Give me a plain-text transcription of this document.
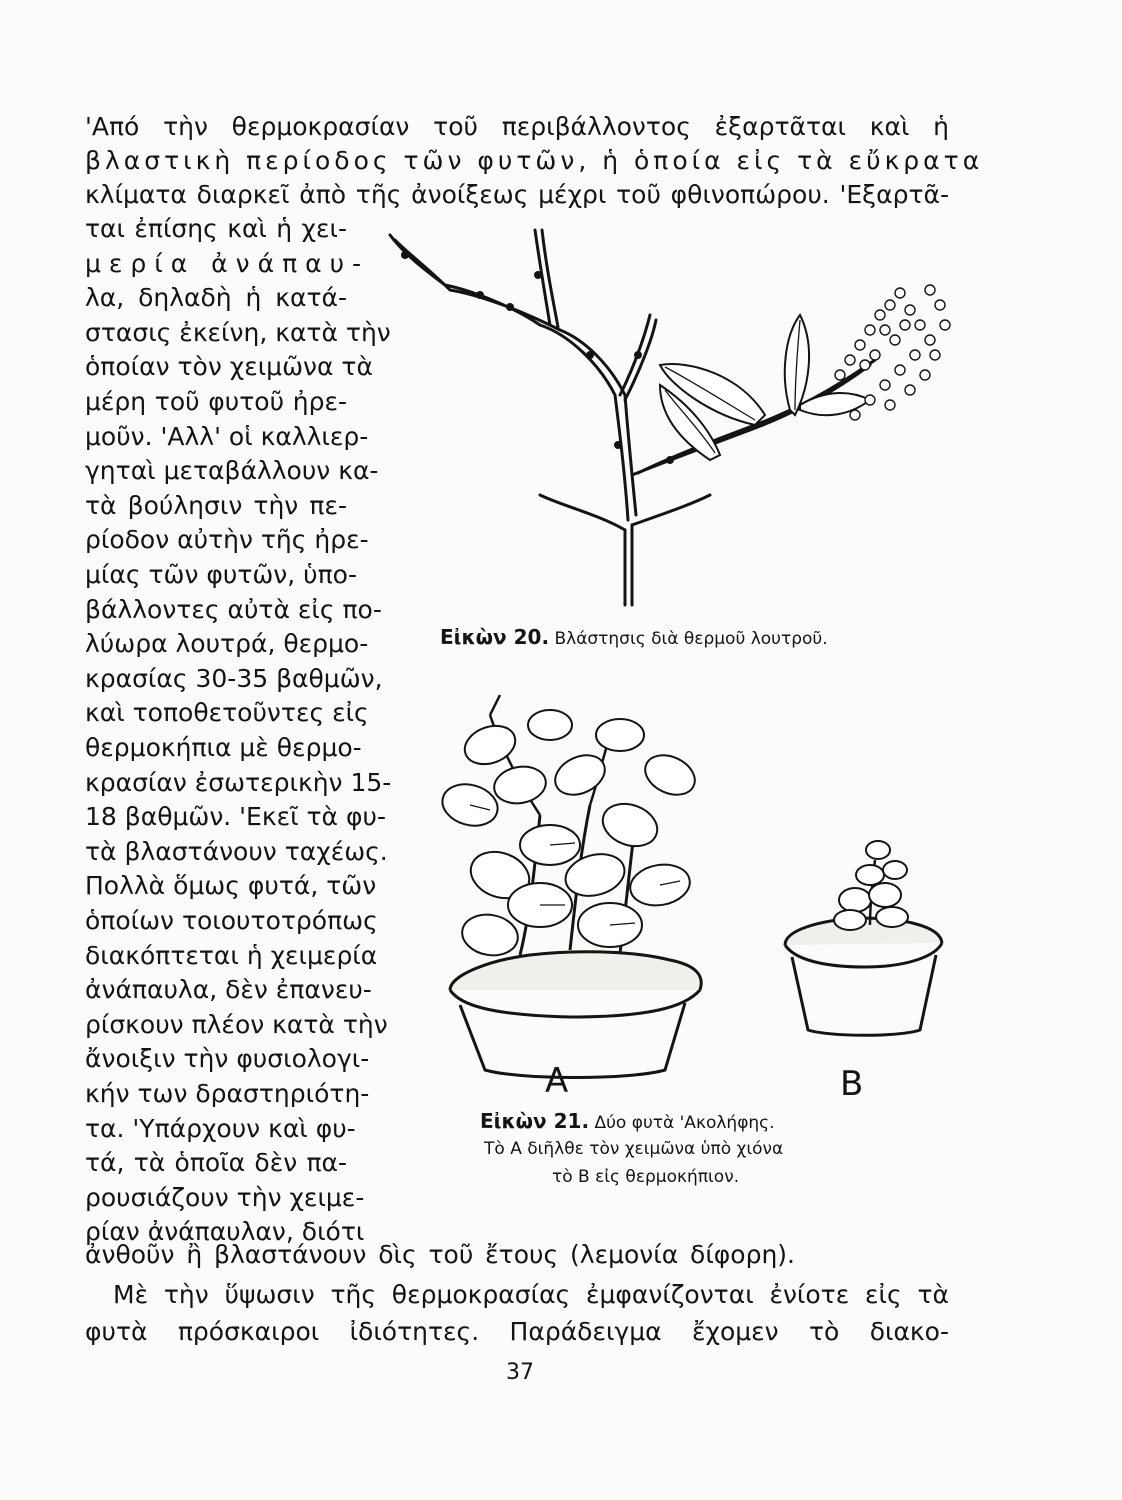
'Από τὴν θερμοκρασίαν τοῦ περιβάλλοντος ἐξαρτᾶται καὶ ἡ

βλαστικὴ περίοδος τῶν φυτῶν, ἡ ὁποία εἰς τὰ εὔκρατα

κλίματα διαρκεῖ ἀπὸ τῆς ἀνοίξεως μέχρι τοῦ φθινοπώρου. 'Εξαρτᾶ-

ται ἐπίσης καὶ ἡ χει-

μερία ἀνάπαυ-

λα, δηλαδὴ ἡ κατά-

στασις ἐκείνη, κατὰ τὴν

ὁποίαν τὸν χειμῶνα τὰ

μέρη τοῦ φυτοῦ ἠρε-

μοῦν. 'Αλλ' οἱ καλλιερ-

γηταὶ μεταβάλλουν κα-

τὰ βούλησιν τὴν πε-

ρίοδον αὐτὴν τῆς ἠρε-

μίας τῶν φυτῶν, ὑπο-

βάλλοντες αὐτὰ εἰς πο-

λύωρα λουτρά, θερμο-

κρασίας 30-35 βαθμῶν,

καὶ τοποθετοῦντες εἰς

θερμοκήπια μὲ θερμο-

κρασίαν ἐσωτερικὴν 15-

18 βαθμῶν. 'Εκεῖ τὰ φυ-

τὰ βλαστάνουν ταχέως.

Πολλὰ ὅμως φυτά, τῶν

ὁποίων τοιουτοτρόπως

διακόπτεται ἡ χειμερία

ἀνάπαυλα, δὲν ἐπανευ-

ρίσκουν πλέον κατὰ τὴν

ἄνοιξιν τὴν φυσιολογι-

κήν των δραστηριότη-

τα. 'Υπάρχουν καὶ φυ-

τά, τὰ ὁποῖα δὲν πα-

ρουσιάζουν τὴν χειμε-

ρίαν ἀνάπαυλαν, διότι

ἀνθοῦν ἢ βλαστάνουν δὶς τοῦ ἔτους (λεμονία δίφορη).

Μὲ τὴν ὕψωσιν τῆς θερμοκρασίας ἐμφανίζονται ἐνίοτε εἰς τὰ

φυτὰ πρόσκαιροι ἰδιότητες. Παράδειγμα ἔχομεν τὸ διακο-

Εἰκὼν 20. Βλάστησις διὰ θερμοῦ λουτροῦ.

Α	Β

Εἰκὼν 21. Δύο φυτὰ 'Ακολήφης.

Τὸ Α διῆλθε τὸν χειμῶνα ὑπὸ χιόνα

τὸ Β εἰς θερμοκήπιον.

37
